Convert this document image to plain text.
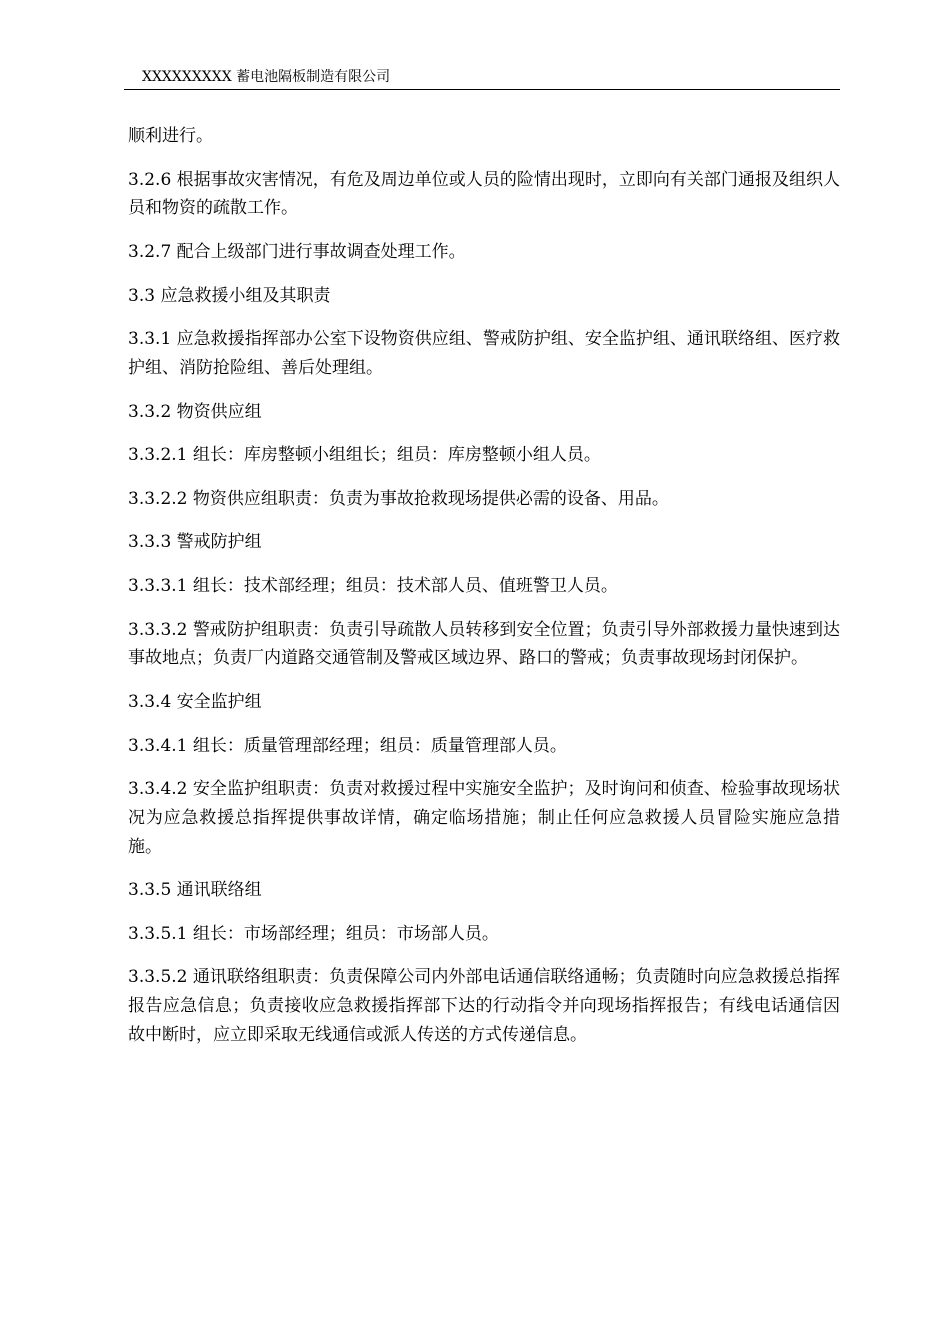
XXXXXXXXX 蓄电池隔板制造有限公司

顺利进行。

3.2.6 根据事故灾害情况，有危及周边单位或人员的险情出现时，立即向有关部门通报及组织人员和物资的疏散工作。

3.2.7 配合上级部门进行事故调查处理工作。

3.3 应急救援小组及其职责

3.3.1 应急救援指挥部办公室下设物资供应组、警戒防护组、安全监护组、通讯联络组、医疗救护组、消防抢险组、善后处理组。

3.3.2 物资供应组

3.3.2.1 组长：库房整顿小组组长；组员：库房整顿小组人员。

3.3.2.2 物资供应组职责：负责为事故抢救现场提供必需的设备、用品。

3.3.3 警戒防护组

3.3.3.1 组长：技术部经理；组员：技术部人员、值班警卫人员。

3.3.3.2 警戒防护组职责：负责引导疏散人员转移到安全位置；负责引导外部救援力量快速到达事故地点；负责厂内道路交通管制及警戒区域边界、路口的警戒；负责事故现场封闭保护。

3.3.4 安全监护组

3.3.4.1 组长：质量管理部经理；组员：质量管理部人员。

3.3.4.2 安全监护组职责：负责对救援过程中实施安全监护；及时询问和侦查、检验事故现场状况为应急救援总指挥提供事故详情，确定临场措施；制止任何应急救援人员冒险实施应急措施。

3.3.5 通讯联络组

3.3.5.1 组长：市场部经理；组员：市场部人员。

3.3.5.2 通讯联络组职责：负责保障公司内外部电话通信联络通畅；负责随时向应急救援总指挥报告应急信息；负责接收应急救援指挥部下达的行动指令并向现场指挥报告；有线电话通信因故中断时，应立即采取无线通信或派人传送的方式传递信息。
